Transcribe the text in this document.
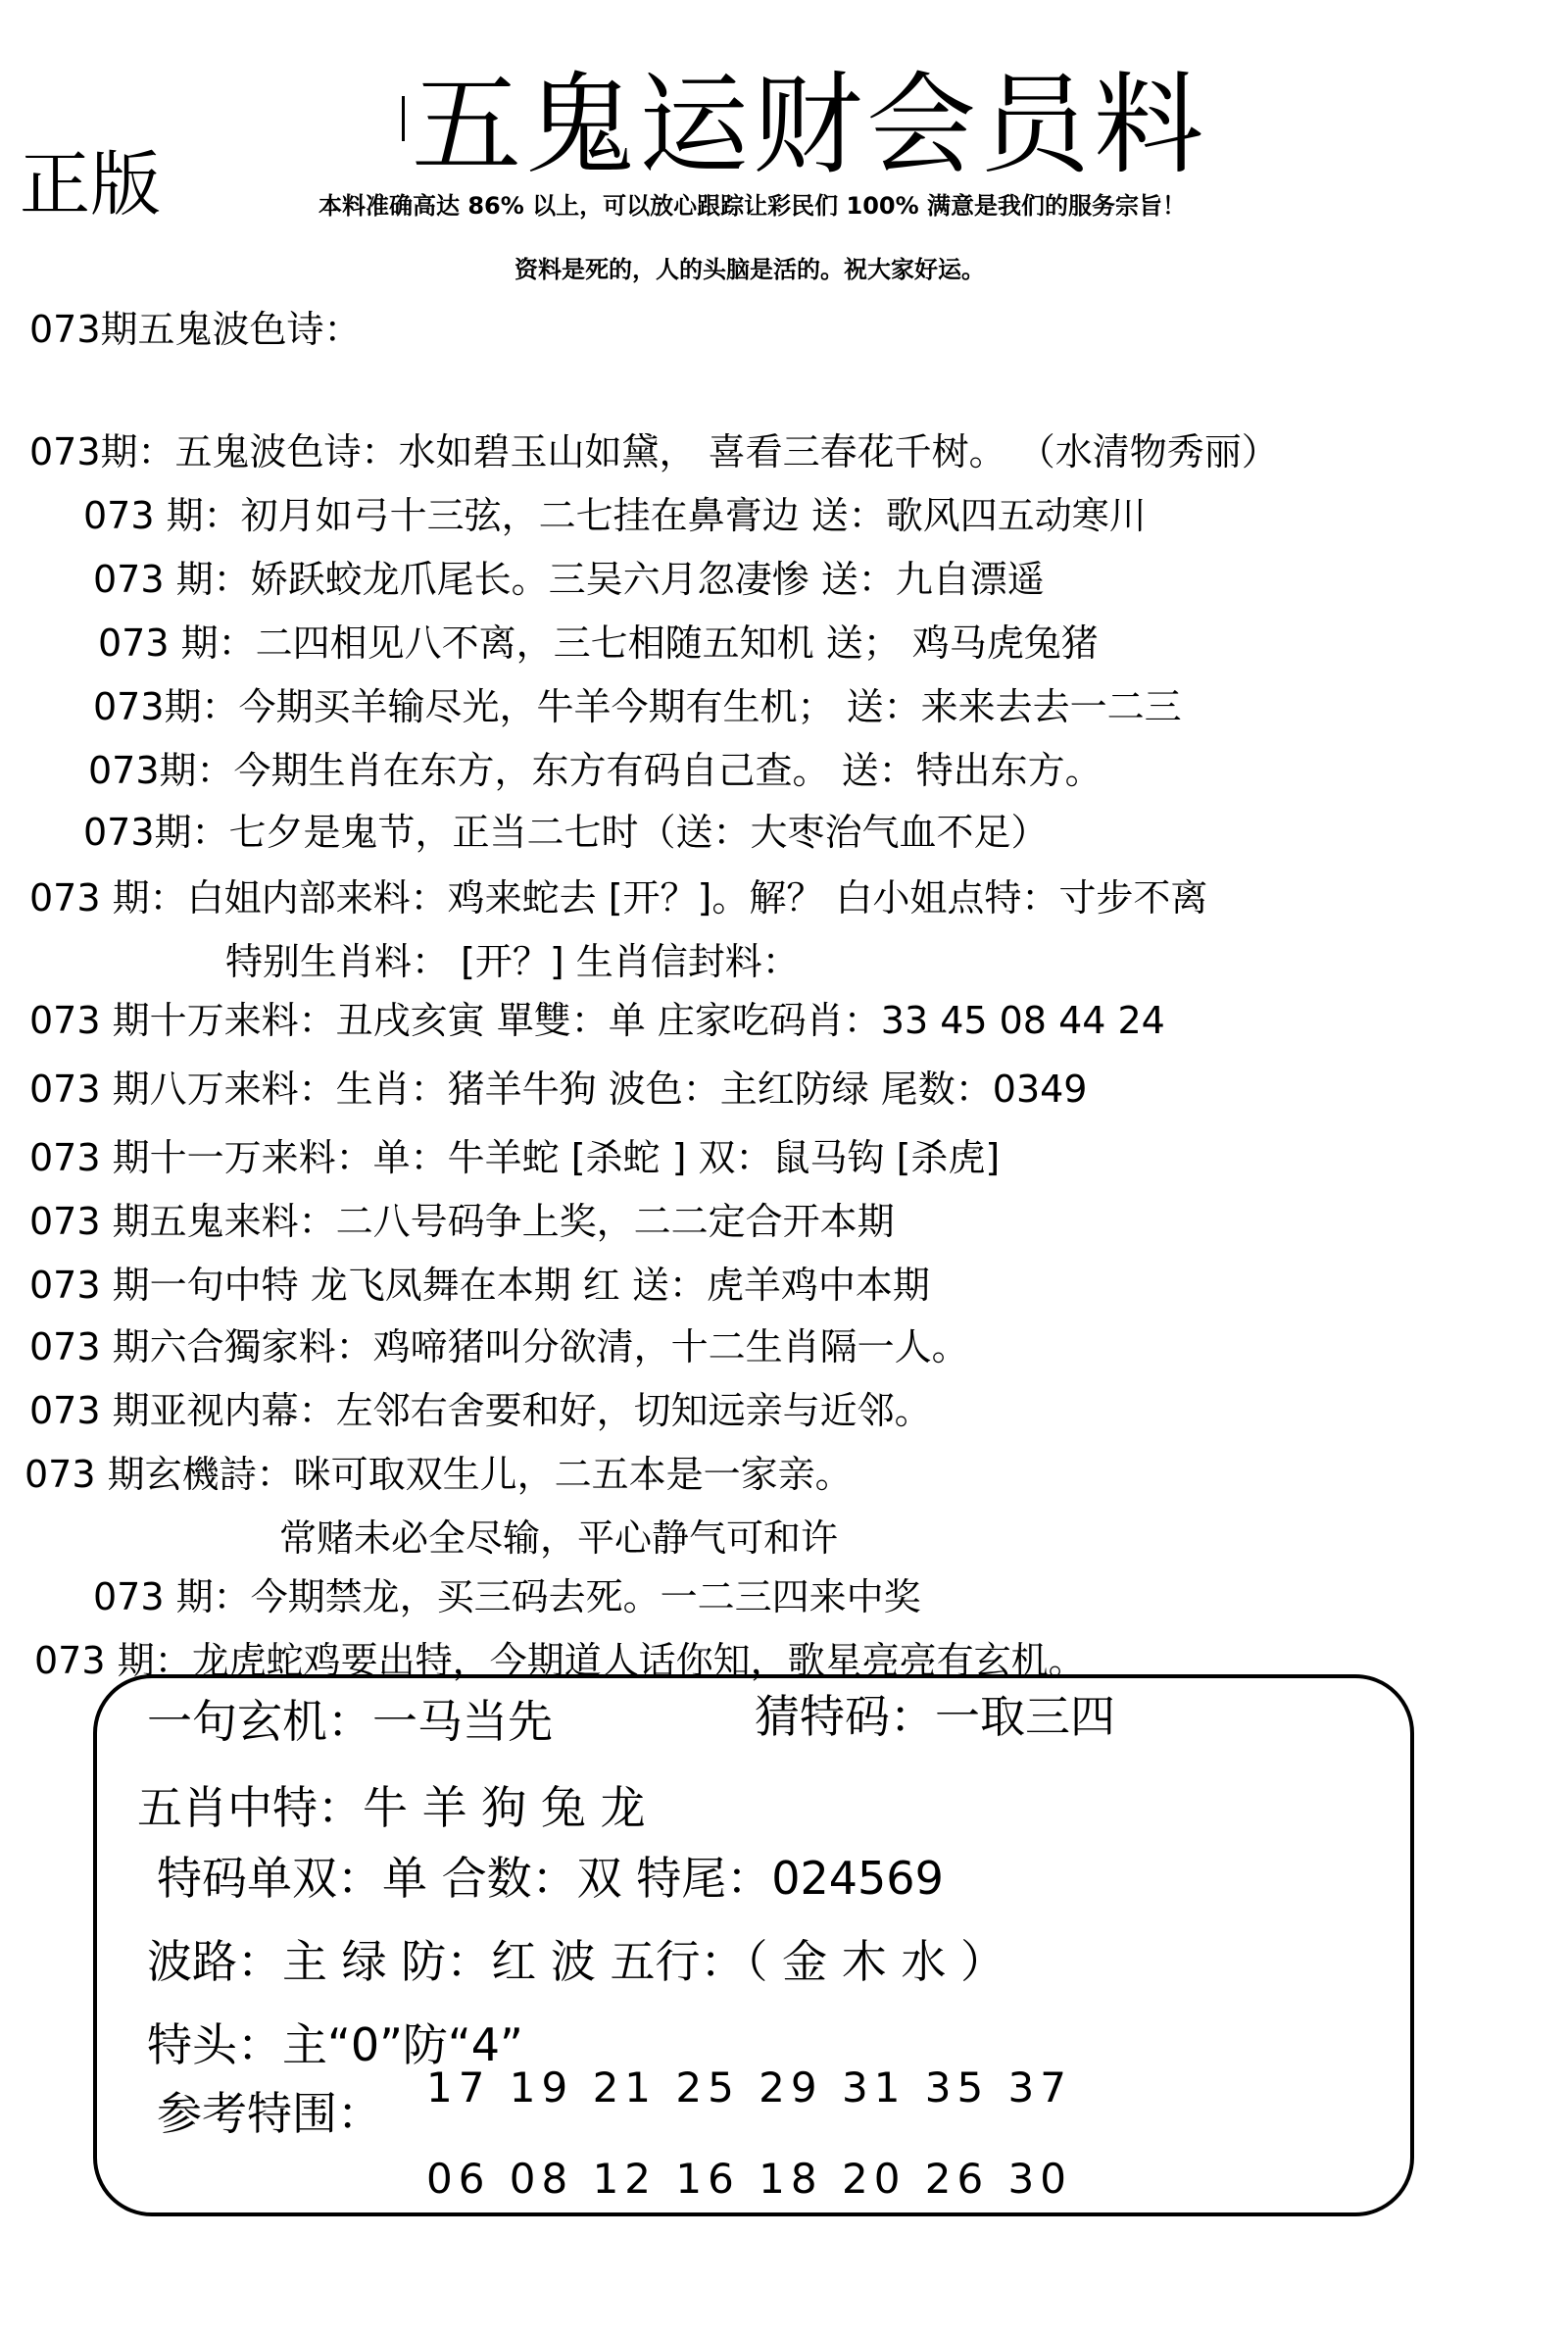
五鬼运财会员料
正版	本料准确高达 86% 以上，可以放心跟踪让彩民们 100% 满意是我们的服务宗旨！
资料是死的，人的头脑是活的。祝大家好运。
073期五鬼波色诗：
073期：五鬼波色诗：水如碧玉山如黛， 喜看三春花千树。 （水清物秀丽）
073 期：初月如弓十三弦，二七挂在鼻膏边 送：歌风四五动寒川
073 期：娇跃蛟龙爪尾长。三吴六月忽凄惨 送：九自漂遥
073 期：二四相见八不离，三七相随五知机 送； 鸡马虎兔猪
073期：今期买羊输尽光，牛羊今期有生机； 送：来来去去一二三
073期：今期生肖在东方，东方有码自己查。 送：特出东方。
073期：七夕是鬼节，正当二七时（送：大枣治气血不足）
073 期：白姐内部来料：鸡来蛇去 [开？]。解？ 白小姐点特：寸步不离
特别生肖料： [开？] 生肖信封料：
073 期十万来料：丑戌亥寅 單雙：单 庄家吃码肖：33 45 08 44 24
073 期八万来料：生肖：猪羊牛狗 波色：主红防绿 尾数：0349
073 期十一万来料：单：牛羊蛇 [杀蛇 ] 双：鼠马钩 [杀虎]
073 期五鬼来料：二八号码争上奖，二二定合开本期
073 期一句中特 龙飞凤舞在本期 红 送：虎羊鸡中本期
073 期六合獨家料：鸡啼猪叫分欲清，十二生肖隔一人。
073 期亚视内幕：左邻右舍要和好，切知远亲与近邻。
073 期玄機詩：咪可取双生儿，二五本是一家亲。
常赌未必全尽输，平心静气可和许
073 期：今期禁龙，买三码去死。一二三四来中奖
073 期：龙虎蛇鸡要出特，今期道人话你知，歌星亮亮有玄机。
一句玄机：一马当先	猜特码：一取三四
五肖中特：牛 羊 狗 兔 龙
特码单双：单 合数：双 特尾：024569
波路：主 绿 防：红 波 五行：（ 金 木 水 ）
特头：主“0”防“4”
参考特围： 17 19 21 25 29 31 35 37
06 08 12 16 18 20 26 30
